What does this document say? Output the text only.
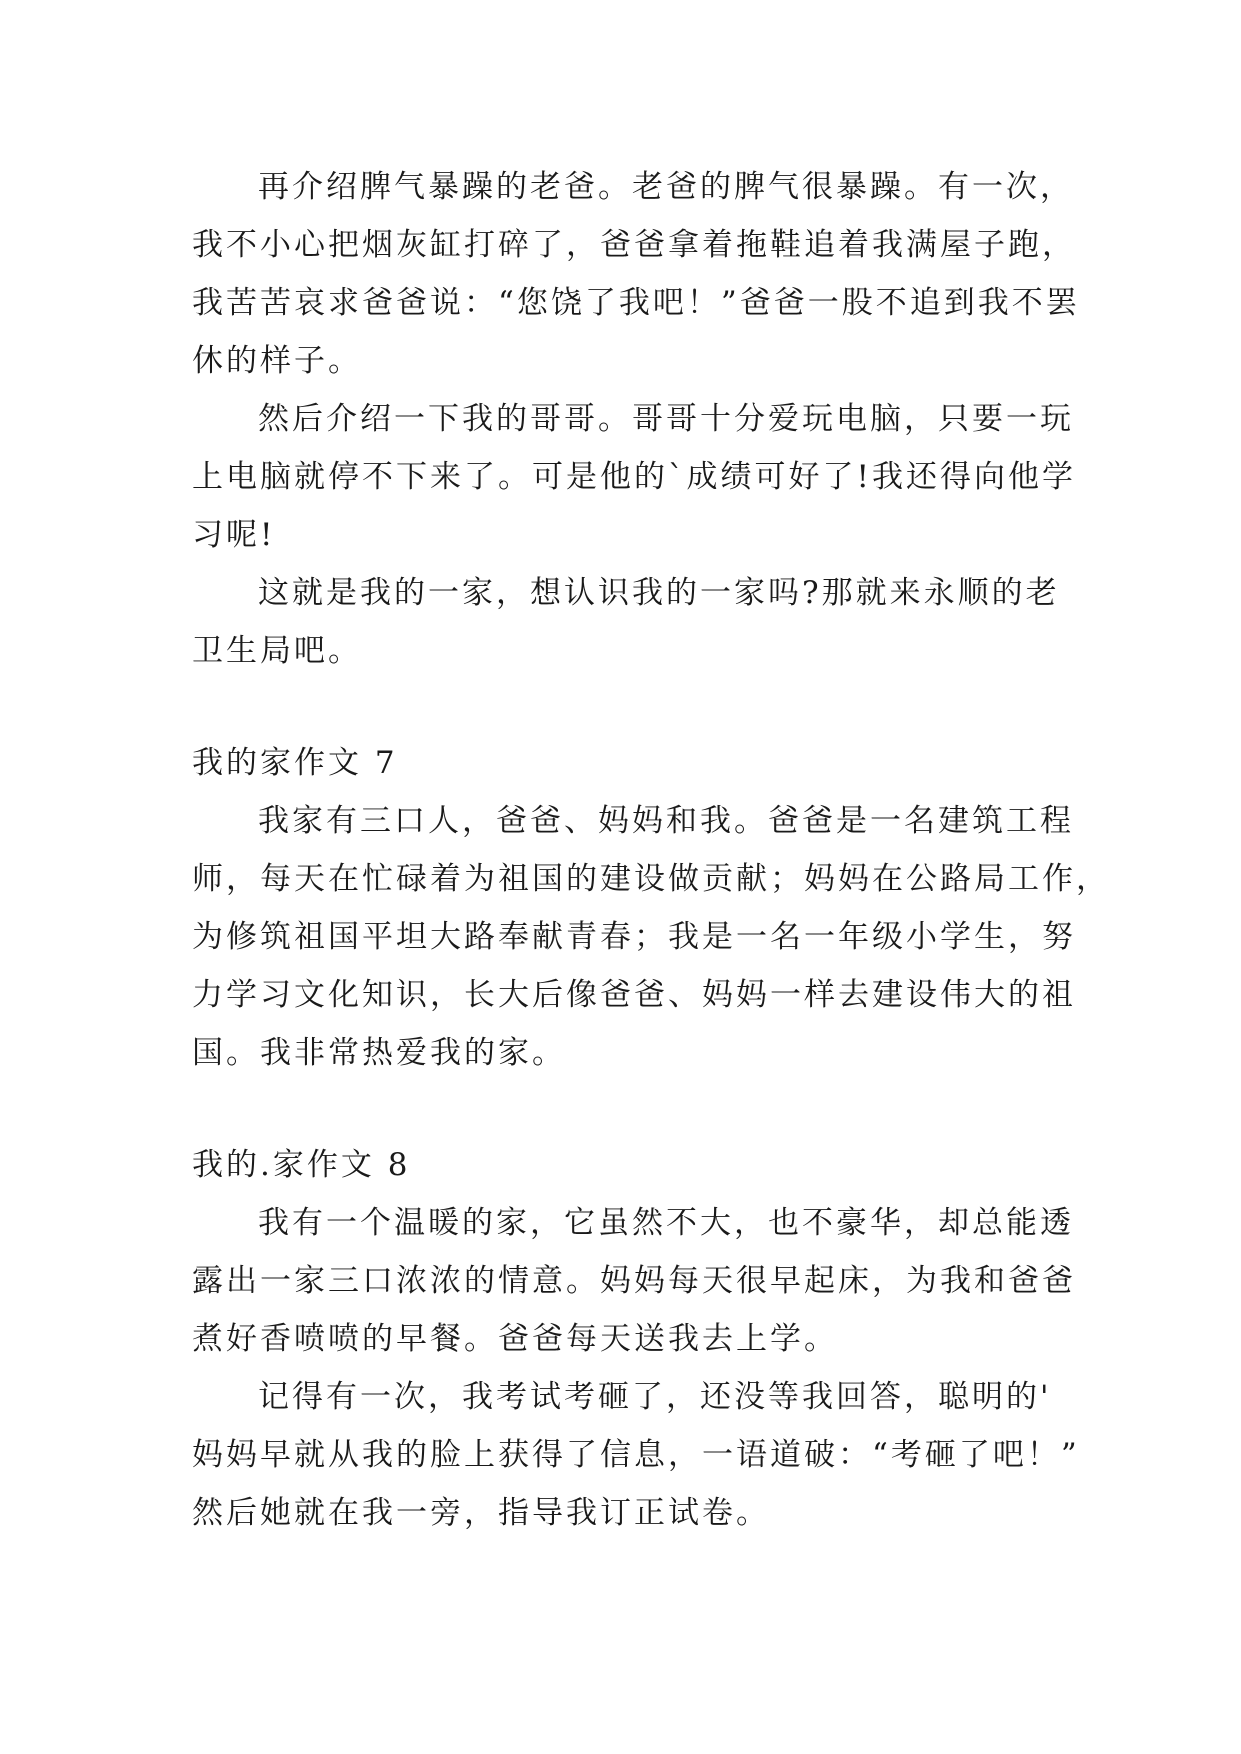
再介绍脾气暴躁的老爸。老爸的脾气很暴躁。有一次，
我不小心把烟灰缸打碎了，爸爸拿着拖鞋追着我满屋子跑，
我苦苦哀求爸爸说：“您饶了我吧！”爸爸一股不追到我不罢
休的样子。
然后介绍一下我的哥哥。哥哥十分爱玩电脑，只要一玩
上电脑就停不下来了。可是他的`成绩可好了!我还得向他学
习呢!
这就是我的一家，想认识我的一家吗?那就来永顺的老
卫生局吧。
我的家作文 7
我家有三口人，爸爸、妈妈和我。爸爸是一名建筑工程
师，每天在忙碌着为祖国的建设做贡献；妈妈在公路局工作，
为修筑祖国平坦大路奉献青春；我是一名一年级小学生，努
力学习文化知识，长大后像爸爸、妈妈一样去建设伟大的祖
国。我非常热爱我的家。
我的.家作文 8
我有一个温暖的家，它虽然不大，也不豪华，却总能透
露出一家三口浓浓的情意。妈妈每天很早起床，为我和爸爸
煮好香喷喷的早餐。爸爸每天送我去上学。
记得有一次，我考试考砸了，还没等我回答，聪明的'
妈妈早就从我的脸上获得了信息，一语道破：“考砸了吧！”
然后她就在我一旁，指导我订正试卷。
